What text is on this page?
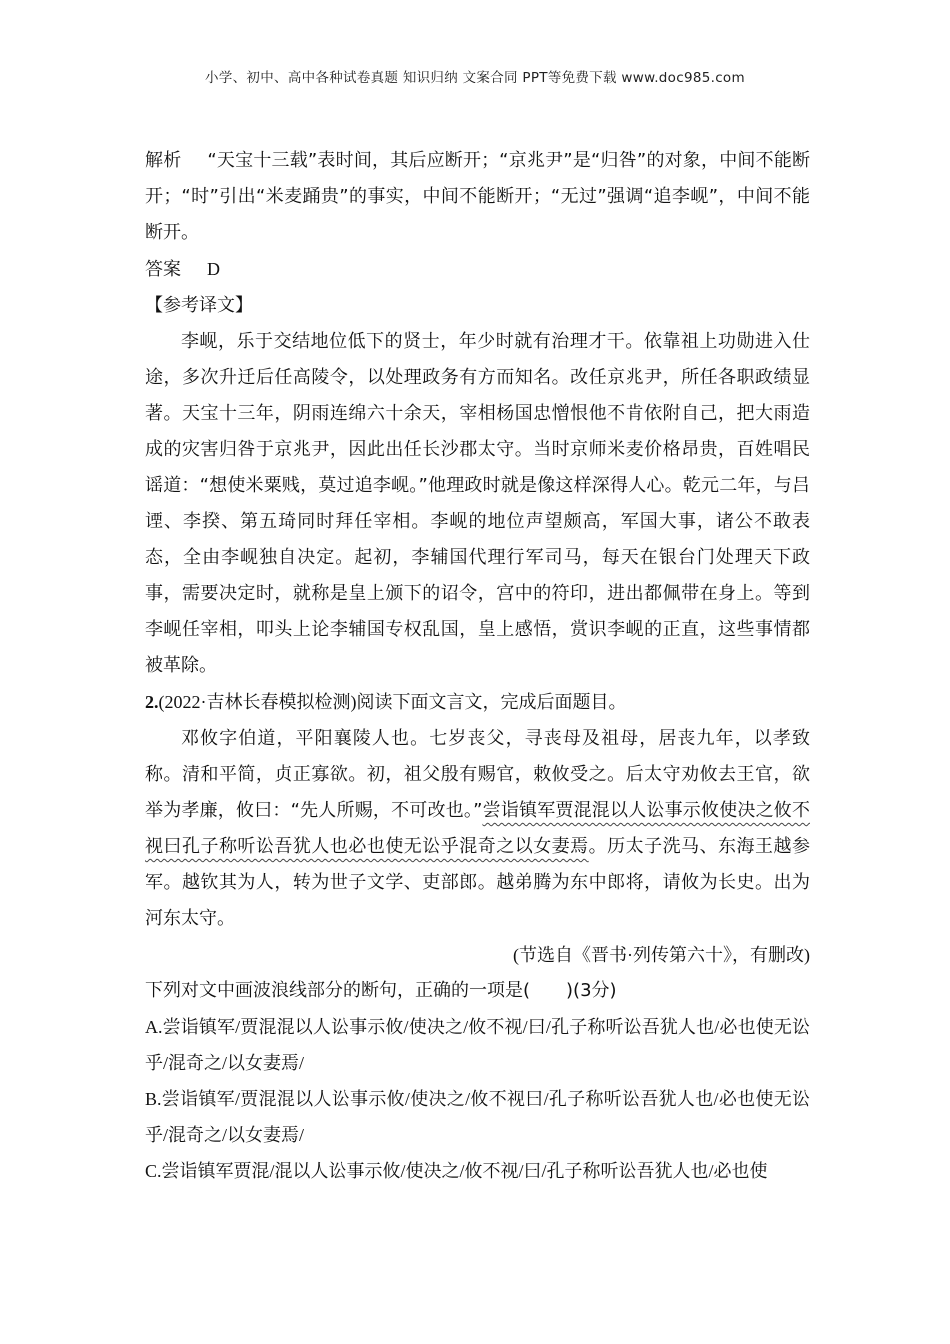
小学、初中、高中各种试卷真题 知识归纳 文案合同 PPT等免费下载 www.doc985.com

解析 “天宝十三载”表时间，其后应断开；“京兆尹”是“归咎”的对象，中间不能断开；“时”引出“米麦踊贵”的事实，中间不能断开；“无过”强调“追李岘”，中间不能断开。

答案 D

【参考译文】

李岘，乐于交结地位低下的贤士，年少时就有治理才干。依靠祖上功勋进入仕途，多次升迁后任高陵令，以处理政务有方而知名。改任京兆尹，所任各职政绩显著。天宝十三年，阴雨连绵六十余天，宰相杨国忠憎恨他不肯依附自己，把大雨造成的灾害归咎于京兆尹，因此出任长沙郡太守。当时京师米麦价格昂贵，百姓唱民谣道：“想使米粟贱，莫过追李岘。”他理政时就是像这样深得人心。乾元二年，与吕𬤇、李揆、第五琦同时拜任宰相。李岘的地位声望颇高，军国大事，诸公不敢表态，全由李岘独自决定。起初，李辅国代理行军司马，每天在银台门处理天下政事，需要决定时，就称是皇上颁下的诏令，宫中的符印，进出都佩带在身上。等到李岘任宰相，叩头上论李辅国专权乱国，皇上感悟，赏识李岘的正直，这些事情都被革除。

2.(2022·吉林长春模拟检测)阅读下面文言文，完成后面题目。

邓攸字伯道，平阳襄陵人也。七岁丧父，寻丧母及祖母，居丧九年，以孝致称。清和平简，贞正寡欲。初，祖父殷有赐官，敕攸受之。后太守劝攸去王官，欲举为孝廉，攸曰：“先人所赐，不可改也。”尝诣镇军贾混混以人讼事示攸使决之攸不视曰孔子称听讼吾犹人也必也使无讼乎混奇之以女妻焉。历太子洗马、东海王越参军。越钦其为人，转为世子文学、吏部郎。越弟腾为东中郎将，请攸为长史。出为河东太守。

(节选自《晋书·列传第六十》，有删改)

下列对文中画波浪线部分的断句，正确的一项是(　　)(3分)

A.尝诣镇军/贾混混以人讼事示攸/使决之/攸不视/曰/孔子称听讼吾犹人也/必也使无讼乎/混奇之/以女妻焉/

B.尝诣镇军/贾混混以人讼事示攸/使决之/攸不视曰/孔子称听讼吾犹人也/必也使无讼乎/混奇之/以女妻焉/

C.尝诣镇军贾混/混以人讼事示攸/使决之/攸不视/曰/孔子称听讼吾犹人也/必也使
